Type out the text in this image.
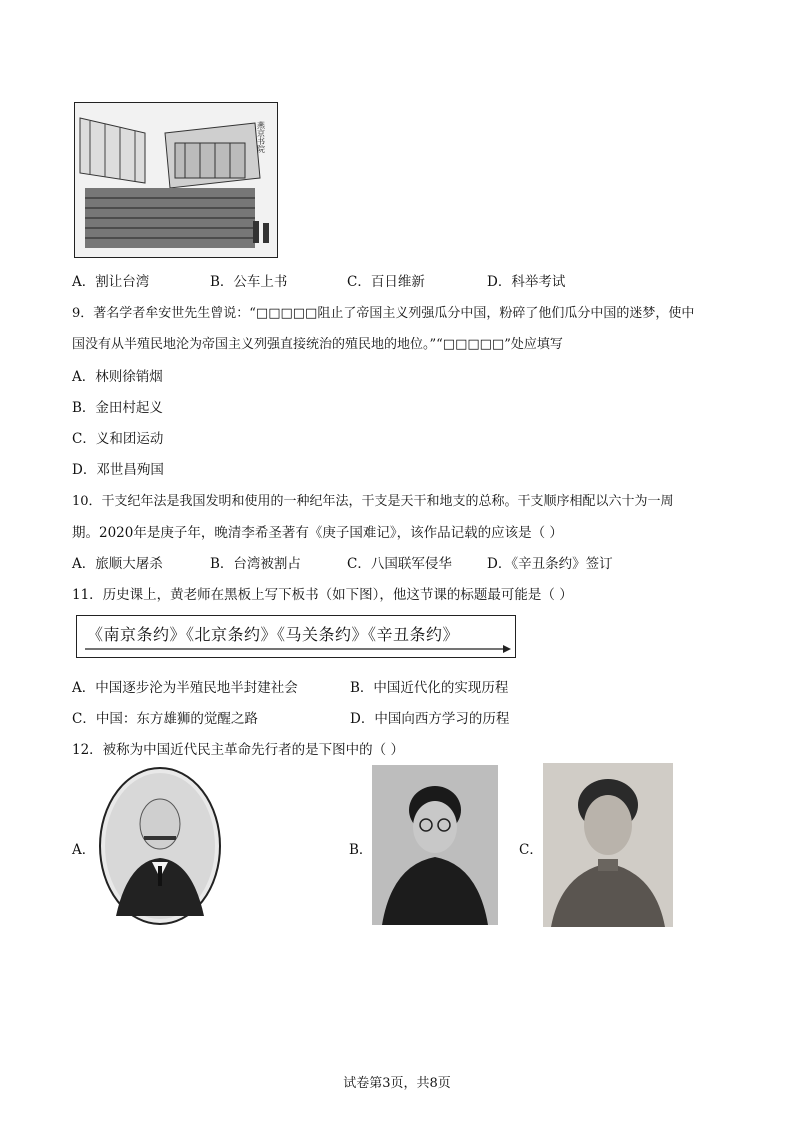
燕京书院
A．割让台湾	B．公车上书	C．百日维新	D．科举考试
9．著名学者牟安世先生曾说：“□□□□□阻止了帝国主义列强瓜分中国，粉碎了他们瓜分中国的迷梦，使中
国没有从半殖民地沦为帝国主义列强直接统治的殖民地的地位。”“□□□□□”处应填写
A．林则徐销烟
B．金田村起义
C．义和团运动
D．邓世昌殉国
10．干支纪年法是我国发明和使用的一种纪年法，干支是天干和地支的总称。干支顺序相配以六十为一周
期。2020年是庚子年，晚清李希圣著有《庚子国难记》，该作品记载的应该是（ ）
A．旅顺大屠杀	B．台湾被割占	C．八国联军侵华	D．《辛丑条约》签订
11．历史课上，黄老师在黑板上写下板书（如下图），他这节课的标题最可能是（ ）
《南京条约》《北京条约》《马关条约》《辛丑条约》
A．中国逐步沦为半殖民地半封建社会	B．中国近代化的实现历程
C．中国：东方雄狮的觉醒之路	D．中国向西方学习的历程
12．被称为中国近代民主革命先行者的是下图中的（ ）
A．	B．	C．
试卷第3页，共8页
